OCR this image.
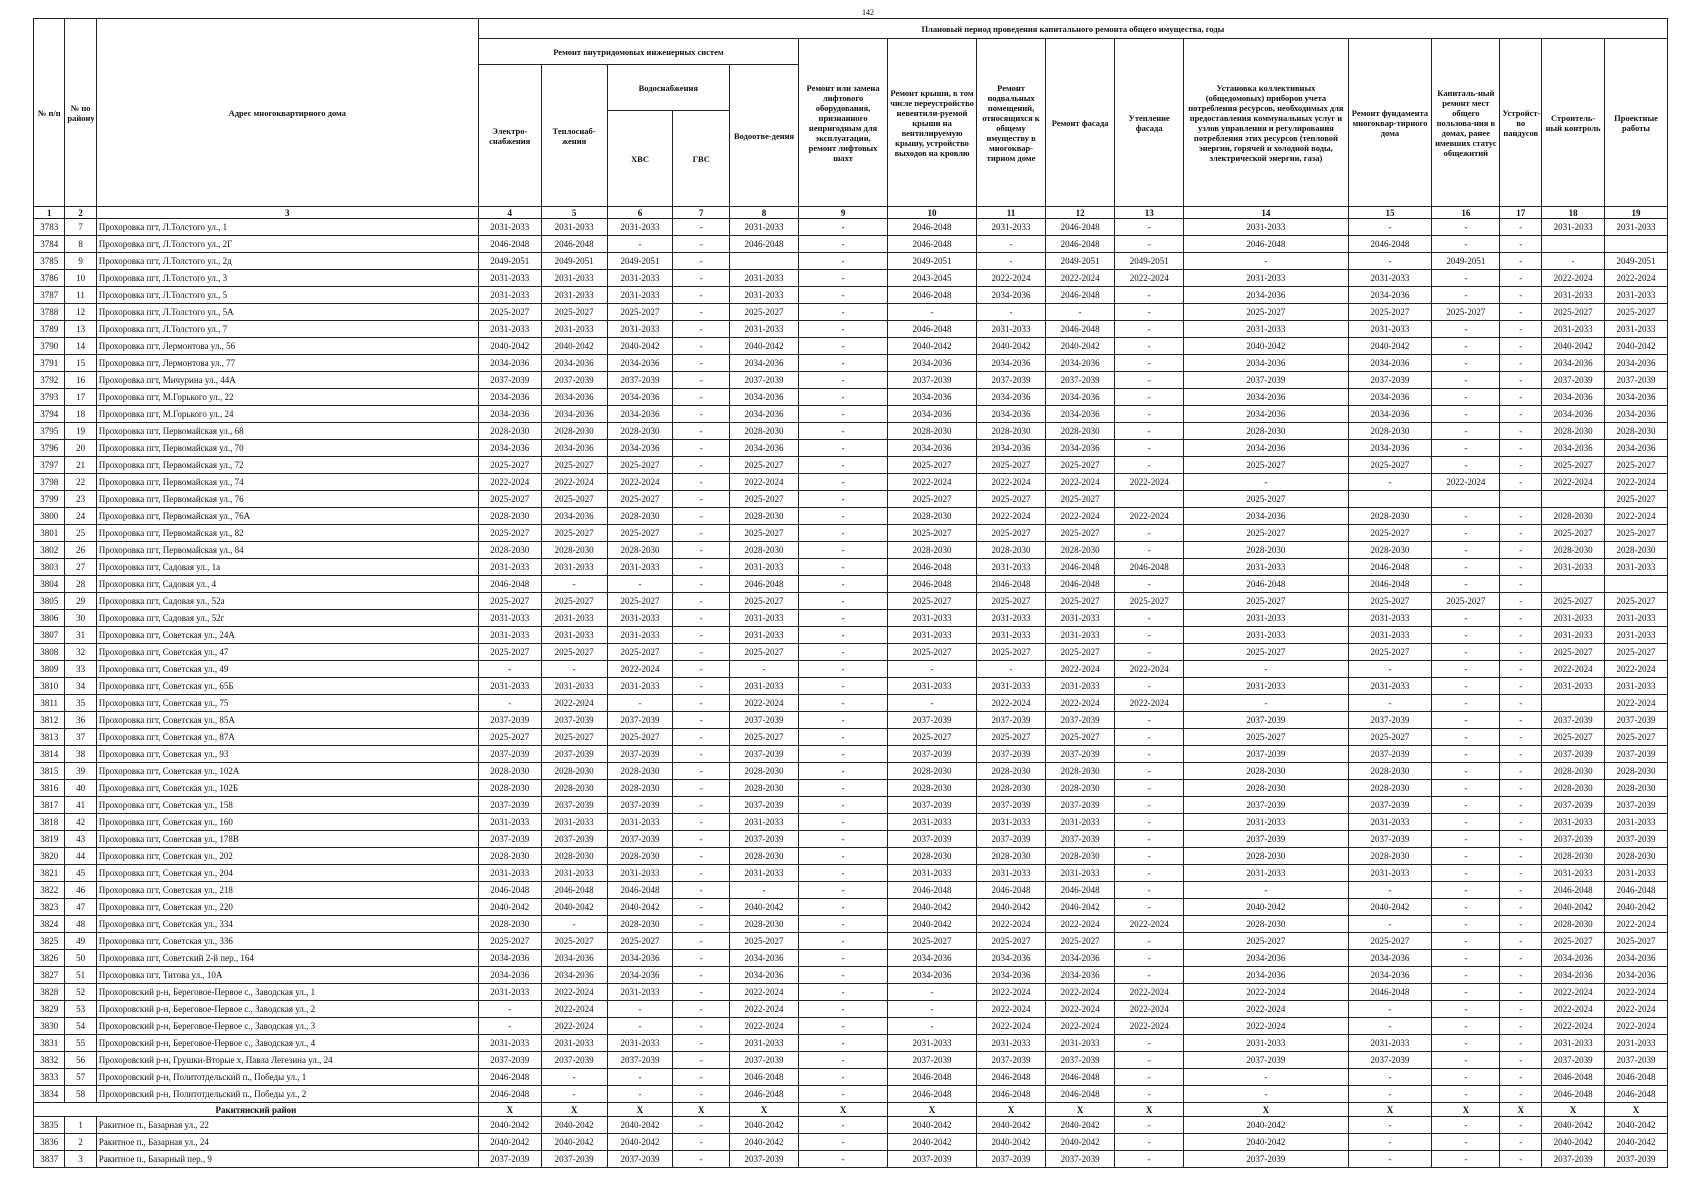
142
№ п/п	№ по району	Адрес многоквартирного дома	Плановый период проведения капитального ремонта общего имущества, годы															
			Ремонт внутридомовых инженерных систем					Ремонт или замена лифтового оборудования, признанного непригодным для эксплуатации, ремонт лифтовых шахт	Ремонт крыши, в том числе переустройство невентили-руемой крыши на вентилируемую крышу, устройство выходов на кровлю	Ремонт подвальных помещений, относящихся к общему имуществу в многоквар-тирном доме	Ремонт фасада	Утепление фасада	Установка коллективных (общедомовых) приборов учета потребления ресурсов, необходимых для предоставления коммунальных услуг и узлов управления и регулирования потребления этих ресурсов (тепловой энергии, горячей и холодной воды, электрической энергии, газа)	Ремонт фундамента многоквар-тирного дома	Капиталь-ный ремонт мест общего пользова-ния в домах, ранее имевших статус общежитий	Устройст-во пандусов	Строитель-ный контроль	Проектные работы
			Электро-снабжения	Теплоснаб-жения	Водоснабжения		Водоотве-дения											
					ХВС	ГВС												
1	2	3	4	5	6	7	8	9	10	11	12	13	14	15	16	17	18	19
3783	7	Прохоровка пгт, Л.Толстого ул., 1	2031-2033	2031-2033	2031-2033	-	2031-2033	-	2046-2048	2031-2033	2046-2048	-	2031-2033	-	-	-	2031-2033	2031-2033
3784	8	Прохоровка пгт, Л.Толстого ул., 2Г	2046-2048	2046-2048	-	-	2046-2048	-	2046-2048	-	2046-2048	-	2046-2048	2046-2048	-	-		
3785	9	Прохоровка пгт, Л.Толстого ул., 2д	2049-2051	2049-2051	2049-2051	-		-	2049-2051	-	2049-2051	2049-2051	-	-	2049-2051	-	-	2049-2051
3786	10	Прохоровка пгт, Л.Толстого ул., 3	2031-2033	2031-2033	2031-2033	-	2031-2033	-	2043-2045	2022-2024	2022-2024	2022-2024	2031-2033	2031-2033	-	-	2022-2024	2022-2024
3787	11	Прохоровка пгт, Л.Толстого ул., 5	2031-2033	2031-2033	2031-2033	-	2031-2033	-	2046-2048	2034-2036	2046-2048	-	2034-2036	2034-2036	-	-	2031-2033	2031-2033
3788	12	Прохоровка пгт, Л.Толстого ул., 5А	2025-2027	2025-2027	2025-2027	-	2025-2027	-	-	-	-	-	2025-2027	2025-2027	2025-2027	-	2025-2027	2025-2027
3789	13	Прохоровка пгт, Л.Толстого ул., 7	2031-2033	2031-2033	2031-2033	-	2031-2033	-	2046-2048	2031-2033	2046-2048	-	2031-2033	2031-2033	-	-	2031-2033	2031-2033
3790	14	Прохоровка пгт, Лермонтова ул., 56	2040-2042	2040-2042	2040-2042	-	2040-2042	-	2040-2042	2040-2042	2040-2042	-	2040-2042	2040-2042	-	-	2040-2042	2040-2042
3791	15	Прохоровка пгт, Лермонтова ул., 77	2034-2036	2034-2036	2034-2036	-	2034-2036	-	2034-2036	2034-2036	2034-2036	-	2034-2036	2034-2036	-	-	2034-2036	2034-2036
3792	16	Прохоровка пгт, Мичурина ул., 44А	2037-2039	2037-2039	2037-2039	-	2037-2039	-	2037-2039	2037-2039	2037-2039	-	2037-2039	2037-2039	-	-	2037-2039	2037-2039
3793	17	Прохоровка пгт, М.Горького ул., 22	2034-2036	2034-2036	2034-2036	-	2034-2036	-	2034-2036	2034-2036	2034-2036	-	2034-2036	2034-2036	-	-	2034-2036	2034-2036
3794	18	Прохоровка пгт, М.Горького ул., 24	2034-2036	2034-2036	2034-2036	-	2034-2036	-	2034-2036	2034-2036	2034-2036	-	2034-2036	2034-2036	-	-	2034-2036	2034-2036
3795	19	Прохоровка пгт, Первомайская ул., 68	2028-2030	2028-2030	2028-2030	-	2028-2030	-	2028-2030	2028-2030	2028-2030	-	2028-2030	2028-2030	-	-	2028-2030	2028-2030
3796	20	Прохоровка пгт, Первомайская ул., 70	2034-2036	2034-2036	2034-2036	-	2034-2036	-	2034-2036	2034-2036	2034-2036	-	2034-2036	2034-2036	-	-	2034-2036	2034-2036
3797	21	Прохоровка пгт, Первомайская ул., 72	2025-2027	2025-2027	2025-2027	-	2025-2027	-	2025-2027	2025-2027	2025-2027	-	2025-2027	2025-2027	-	-	2025-2027	2025-2027
3798	22	Прохоровка пгт, Первомайская ул., 74	2022-2024	2022-2024	2022-2024	-	2022-2024	-	2022-2024	2022-2024	2022-2024	2022-2024	-	-	2022-2024	-	2022-2024	2022-2024
3799	23	Прохоровка пгт, Первомайская ул., 76	2025-2027	2025-2027	2025-2027	-	2025-2027	-	2025-2027	2025-2027	2025-2027		2025-2027					2025-2027
3800	24	Прохоровка пгт, Первомайская ул., 76А	2028-2030	2034-2036	2028-2030	-	2028-2030	-	2028-2030	2022-2024	2022-2024	2022-2024	2034-2036	2028-2030	-	-	2028-2030	2022-2024
3801	25	Прохоровка пгт, Первомайская ул., 82	2025-2027	2025-2027	2025-2027	-	2025-2027	-	2025-2027	2025-2027	2025-2027	-	2025-2027	2025-2027	-	-	2025-2027	2025-2027
3802	26	Прохоровка пгт, Первомайская ул., 84	2028-2030	2028-2030	2028-2030	-	2028-2030	-	2028-2030	2028-2030	2028-2030	-	2028-2030	2028-2030	-	-	2028-2030	2028-2030
3803	27	Прохоровка пгт, Садовая ул., 1а	2031-2033	2031-2033	2031-2033	-	2031-2033	-	2046-2048	2031-2033	2046-2048	2046-2048	2031-2033	2046-2048	-	-	2031-2033	2031-2033
3804	28	Прохоровка пгт, Садовая ул., 4	2046-2048	-	-	-	2046-2048	-	2046-2048	2046-2048	2046-2048	-	2046-2048	2046-2048	-	-		
3805	29	Прохоровка пгт, Садовая ул., 52а	2025-2027	2025-2027	2025-2027	-	2025-2027	-	2025-2027	2025-2027	2025-2027	2025-2027	2025-2027	2025-2027	2025-2027	-	2025-2027	2025-2027
3806	30	Прохоровка пгт, Садовая ул., 52г	2031-2033	2031-2033	2031-2033	-	2031-2033	-	2031-2033	2031-2033	2031-2033	-	2031-2033	2031-2033	-	-	2031-2033	2031-2033
3807	31	Прохоровка пгт, Советская ул., 24А	2031-2033	2031-2033	2031-2033	-	2031-2033	-	2031-2033	2031-2033	2031-2033	-	2031-2033	2031-2033	-	-	2031-2033	2031-2033
3808	32	Прохоровка пгт, Советская ул., 47	2025-2027	2025-2027	2025-2027	-	2025-2027	-	2025-2027	2025-2027	2025-2027	-	2025-2027	2025-2027	-	-	2025-2027	2025-2027
3809	33	Прохоровка пгт, Советская ул., 49	-	-	2022-2024	-	-	-	-	-	2022-2024	2022-2024	-	-	-	-	2022-2024	2022-2024
3810	34	Прохоровка пгт, Советская ул., 65Б	2031-2033	2031-2033	2031-2033	-	2031-2033	-	2031-2033	2031-2033	2031-2033	-	2031-2033	2031-2033	-	-	2031-2033	2031-2033
3811	35	Прохоровка пгт, Советская ул., 75	-	2022-2024	-	-	2022-2024	-	-	2022-2024	2022-2024	2022-2024	-	-	-	-		2022-2024
3812	36	Прохоровка пгт, Советская ул., 85А	2037-2039	2037-2039	2037-2039	-	2037-2039	-	2037-2039	2037-2039	2037-2039	-	2037-2039	2037-2039	-	-	2037-2039	2037-2039
3813	37	Прохоровка пгт, Советская ул., 87А	2025-2027	2025-2027	2025-2027	-	2025-2027	-	2025-2027	2025-2027	2025-2027	-	2025-2027	2025-2027	-	-	2025-2027	2025-2027
3814	38	Прохоровка пгт, Советская ул., 93	2037-2039	2037-2039	2037-2039	-	2037-2039	-	2037-2039	2037-2039	2037-2039	-	2037-2039	2037-2039	-	-	2037-2039	2037-2039
3815	39	Прохоровка пгт, Советская ул., 102А	2028-2030	2028-2030	2028-2030	-	2028-2030	-	2028-2030	2028-2030	2028-2030	-	2028-2030	2028-2030	-	-	2028-2030	2028-2030
3816	40	Прохоровка пгт, Советская ул., 102Б	2028-2030	2028-2030	2028-2030	-	2028-2030	-	2028-2030	2028-2030	2028-2030	-	2028-2030	2028-2030	-	-	2028-2030	2028-2030
3817	41	Прохоровка пгт, Советская ул., 158	2037-2039	2037-2039	2037-2039	-	2037-2039	-	2037-2039	2037-2039	2037-2039	-	2037-2039	2037-2039	-	-	2037-2039	2037-2039
3818	42	Прохоровка пгт, Советская ул., 160	2031-2033	2031-2033	2031-2033	-	2031-2033	-	2031-2033	2031-2033	2031-2033	-	2031-2033	2031-2033	-	-	2031-2033	2031-2033
3819	43	Прохоровка пгт, Советская ул., 178В	2037-2039	2037-2039	2037-2039	-	2037-2039	-	2037-2039	2037-2039	2037-2039	-	2037-2039	2037-2039	-	-	2037-2039	2037-2039
3820	44	Прохоровка пгт, Советская ул., 202	2028-2030	2028-2030	2028-2030	-	2028-2030	-	2028-2030	2028-2030	2028-2030	-	2028-2030	2028-2030	-	-	2028-2030	2028-2030
3821	45	Прохоровка пгт, Советская ул., 204	2031-2033	2031-2033	2031-2033	-	2031-2033	-	2031-2033	2031-2033	2031-2033	-	2031-2033	2031-2033	-	-	2031-2033	2031-2033
3822	46	Прохоровка пгт, Советская ул., 218	2046-2048	2046-2048	2046-2048	-	-	-	2046-2048	2046-2048	2046-2048	-	-	-	-	-	2046-2048	2046-2048
3823	47	Прохоровка пгт, Советская ул., 220	2040-2042	2040-2042	2040-2042	-	2040-2042	-	2040-2042	2040-2042	2040-2042	-	2040-2042	2040-2042	-	-	2040-2042	2040-2042
3824	48	Прохоровка пгт, Советская ул., 334	2028-2030	-	2028-2030	-	2028-2030	-	2040-2042	2022-2024	2022-2024	2022-2024	2028-2030	-	-	-	2028-2030	2022-2024
3825	49	Прохоровка пгт, Советская ул., 336	2025-2027	2025-2027	2025-2027	-	2025-2027	-	2025-2027	2025-2027	2025-2027	-	2025-2027	2025-2027	-	-	2025-2027	2025-2027
3826	50	Прохоровка пгт, Советский 2-й пер., 164	2034-2036	2034-2036	2034-2036	-	2034-2036	-	2034-2036	2034-2036	2034-2036	-	2034-2036	2034-2036	-	-	2034-2036	2034-2036
3827	51	Прохоровка пгт, Титова ул., 10А	2034-2036	2034-2036	2034-2036	-	2034-2036	-	2034-2036	2034-2036	2034-2036	-	2034-2036	2034-2036	-	-	2034-2036	2034-2036
3828	52	Прохоровский р-н, Береговое-Первое с., Заводская ул., 1	2031-2033	2022-2024	2031-2033	-	2022-2024	-	-	2022-2024	2022-2024	2022-2024	2022-2024	2046-2048	-	-	2022-2024	2022-2024
3829	53	Прохоровский р-н, Береговое-Первое с., Заводская ул., 2	-	2022-2024	-	-	2022-2024	-	-	2022-2024	2022-2024	2022-2024	2022-2024	-	-	-	2022-2024	2022-2024
3830	54	Прохоровский р-н, Береговое-Первое с., Заводская ул., 3	-	2022-2024	-	-	2022-2024	-	-	2022-2024	2022-2024	2022-2024	2022-2024	-	-	-	2022-2024	2022-2024
3831	55	Прохоровский р-н, Береговое-Первое с., Заводская ул., 4	2031-2033	2031-2033	2031-2033	-	2031-2033	-	2031-2033	2031-2033	2031-2033	-	2031-2033	2031-2033	-	-	2031-2033	2031-2033
3832	56	Прохоровский р-н, Грушки-Вторые х, Павла Легезина ул., 24	2037-2039	2037-2039	2037-2039	-	2037-2039	-	2037-2039	2037-2039	2037-2039	-	2037-2039	2037-2039	-	-	2037-2039	2037-2039
3833	57	Прохоровский р-н, Политотдельский п., Победы ул., 1	2046-2048	-	-	-	2046-2048	-	2046-2048	2046-2048	2046-2048	-	-	-	-	-	2046-2048	2046-2048
3834	58	Прохоровский р-н, Политотдельский п., Победы ул., 2	2046-2048	-	-	-	2046-2048	-	2046-2048	2046-2048	2046-2048	-	-	-	-	-	2046-2048	2046-2048
Ракитянский район			Х	Х	Х	Х	Х	Х	Х	Х	Х	Х	Х	Х	Х	Х	Х	Х
3835	1	Ракитное п., Базарная ул., 22	2040-2042	2040-2042	2040-2042	-	2040-2042	-	2040-2042	2040-2042	2040-2042	-	2040-2042	-	-	-	2040-2042	2040-2042
3836	2	Ракитное п., Базарная ул., 24	2040-2042	2040-2042	2040-2042	-	2040-2042	-	2040-2042	2040-2042	2040-2042	-	2040-2042	-	-	-	2040-2042	2040-2042
3837	3	Ракитное п., Базарный пер., 9	2037-2039	2037-2039	2037-2039	-	2037-2039	-	2037-2039	2037-2039	2037-2039	-	2037-2039	-	-	-	2037-2039	2037-2039
